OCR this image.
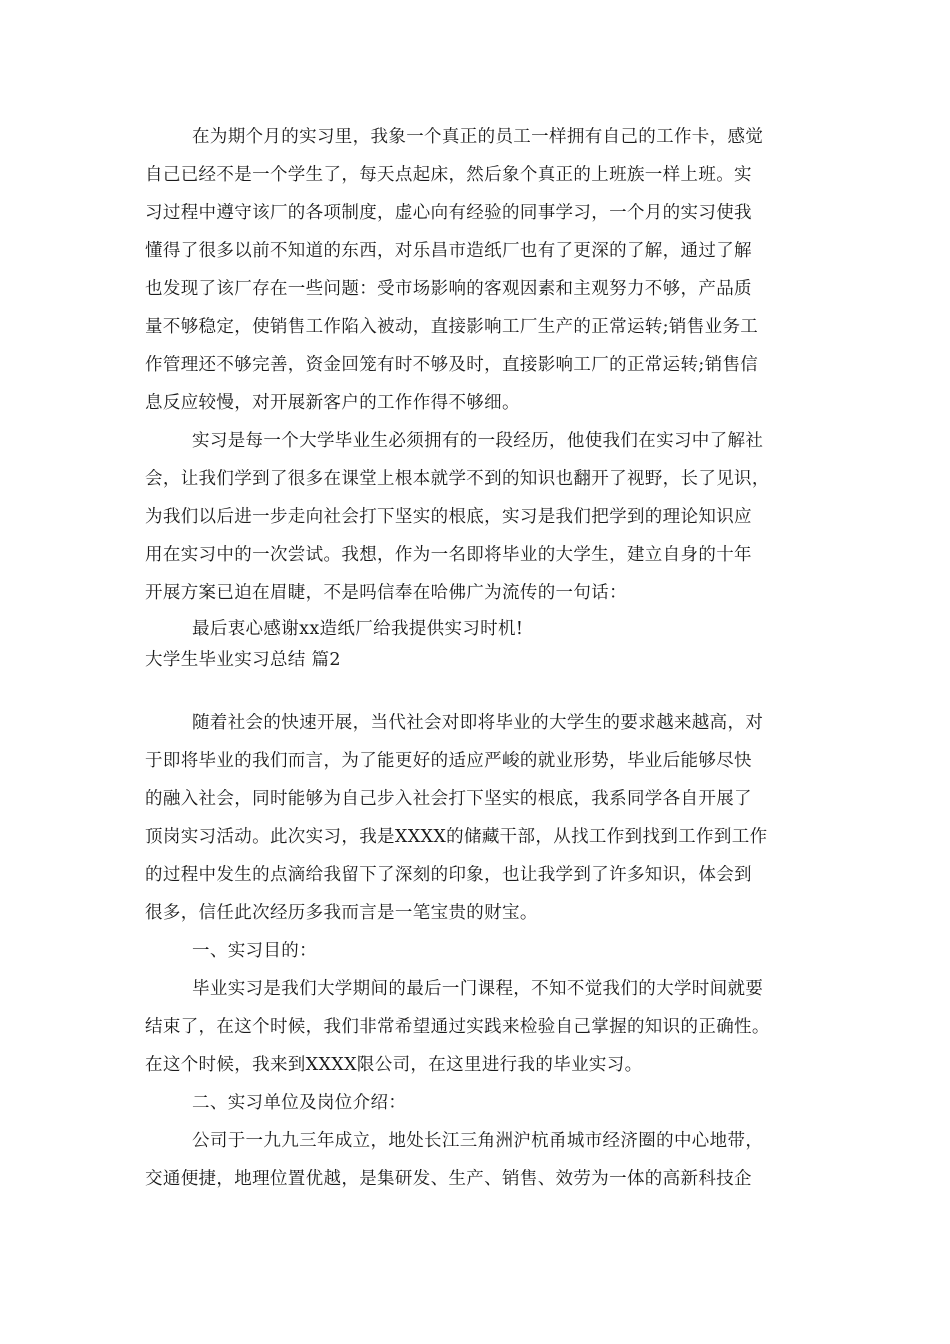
在为期个月的实习里，我象一个真正的员工一样拥有自己的工作卡，感觉
自己已经不是一个学生了，每天点起床，然后象个真正的上班族一样上班。实
习过程中遵守该厂的各项制度，虚心向有经验的同事学习，一个月的实习使我
懂得了很多以前不知道的东西，对乐昌市造纸厂也有了更深的了解，通过了解
也发现了该厂存在一些问题：受市场影响的客观因素和主观努力不够，产品质
量不够稳定，使销售工作陷入被动，直接影响工厂生产的正常运转;销售业务工
作管理还不够完善，资金回笼有时不够及时，直接影响工厂的正常运转;销售信
息反应较慢，对开展新客户的工作作得不够细。
实习是每一个大学毕业生必须拥有的一段经历，他使我们在实习中了解社
会，让我们学到了很多在课堂上根本就学不到的知识也翻开了视野，长了见识，
为我们以后进一步走向社会打下坚实的根底，实习是我们把学到的理论知识应
用在实习中的一次尝试。我想，作为一名即将毕业的大学生，建立自身的十年
开展方案已迫在眉睫，不是吗信奉在哈佛广为流传的一句话：
最后衷心感谢xx造纸厂给我提供实习时机!
大学生毕业实习总结 篇2
随着社会的快速开展，当代社会对即将毕业的大学生的要求越来越高，对
于即将毕业的我们而言，为了能更好的适应严峻的就业形势，毕业后能够尽快
的融入社会，同时能够为自己步入社会打下坚实的根底，我系同学各自开展了
顶岗实习活动。此次实习，我是XXXX的储藏干部，从找工作到找到工作到工作
的过程中发生的点滴给我留下了深刻的印象，也让我学到了许多知识，体会到
很多，信任此次经历多我而言是一笔宝贵的财宝。
一、实习目的：
毕业实习是我们大学期间的最后一门课程，不知不觉我们的大学时间就要
结束了，在这个时候，我们非常希望通过实践来检验自己掌握的知识的正确性。
在这个时候，我来到XXXX限公司，在这里进行我的毕业实习。
二、实习单位及岗位介绍：
公司于一九九三年成立，地处长江三角洲沪杭甬城市经济圈的中心地带，
交通便捷，地理位置优越，是集研发、生产、销售、效劳为一体的高新科技企
